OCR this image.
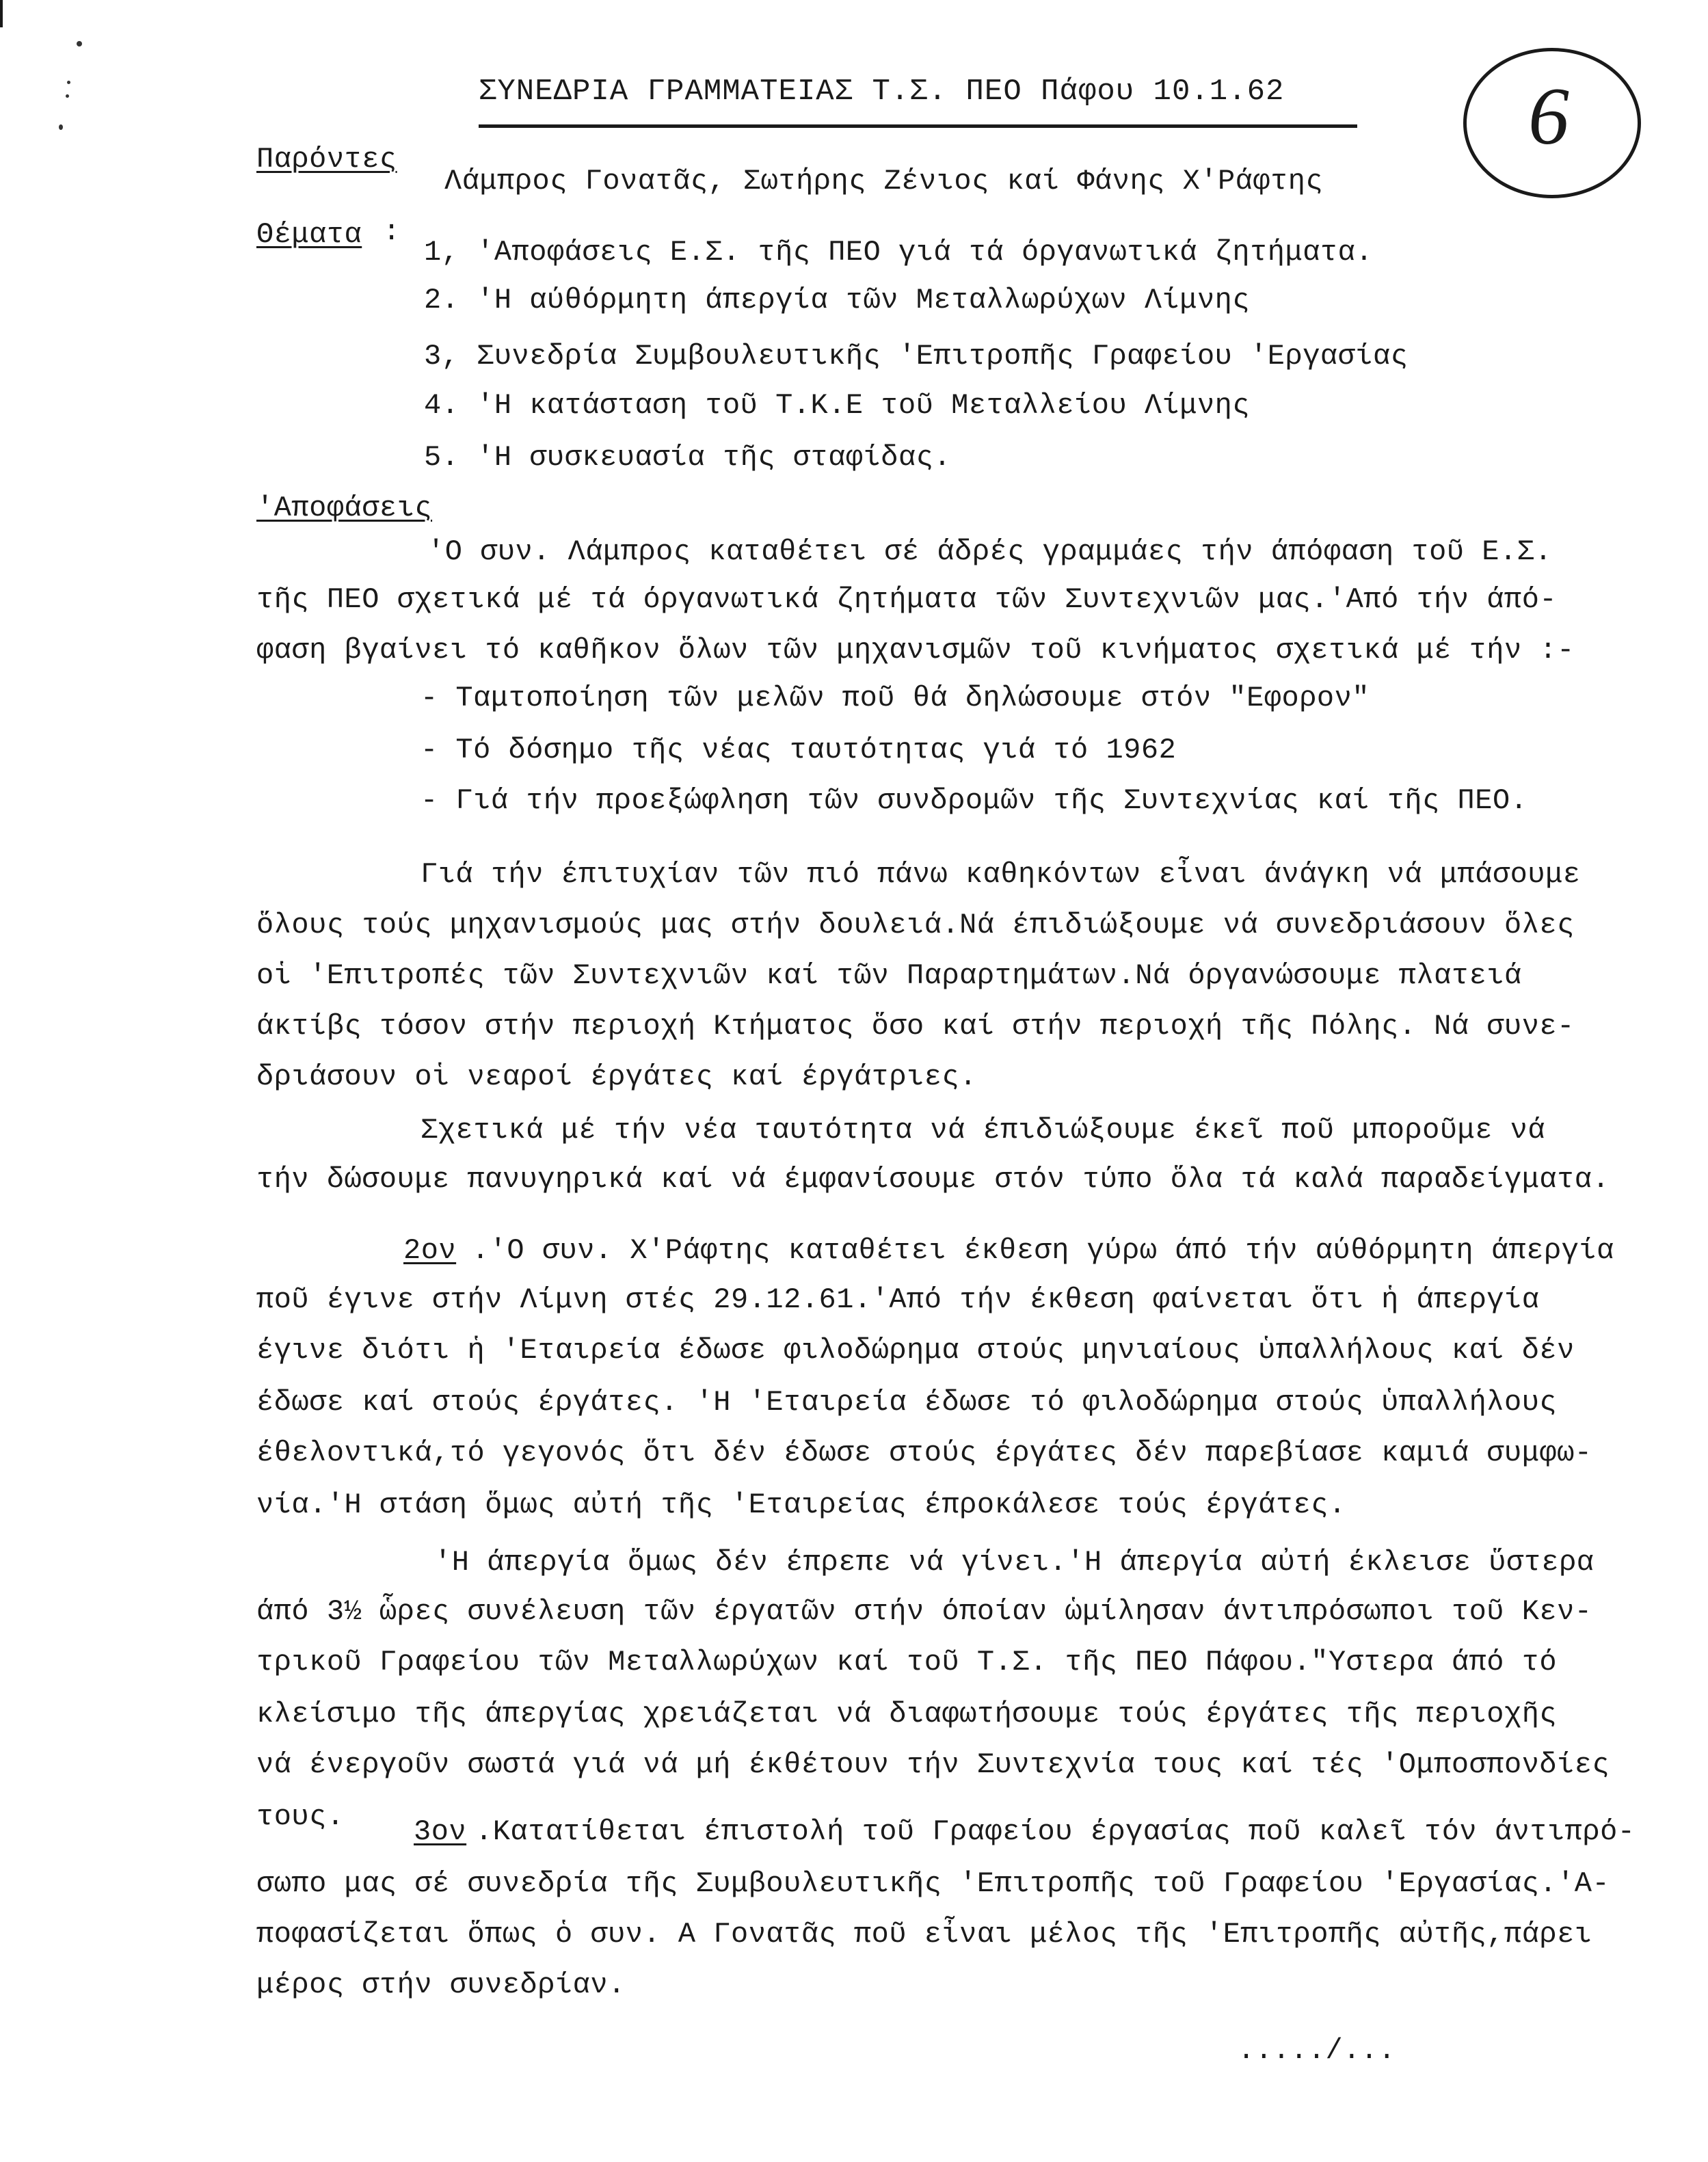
ΣΥΝΕΔΡΙΑ ΓΡΑΜΜΑΤΕΙΑΣ Τ.Σ. ΠΕΟ Πάφου 10.1.62	6
Παρόντες
Λάμπρος Γονατᾶς, Σωτήρης Ζένιος καί Φάνης Χ'Ράφτης
Θέματα :
1, 'Αποφάσεις Ε.Σ. τῆς ΠΕΟ γιά τά όργανωτικά ζητήματα.
2. 'Η αύθόρμητη άπεργία τῶν Μεταλλωρύχων Λίμνης
3, Συνεδρία Συμβουλευτικῆς 'Επιτροπῆς Γραφείου 'Εργασίας
4. 'Η κατάσταση τοῦ Τ.Κ.Ε τοῦ Μεταλλείου Λίμνης
5. 'Η συσκευασία τῆς σταφίδας.
'Αποφάσεις
'Ο συν. Λάμπρος καταθέτει σέ άδρές γραμμάες τήν άπόφαση τοῦ Ε.Σ.
τῆς ΠΕΟ σχετικά μέ τά όργανωτικά ζητήματα τῶν Συντεχνιῶν μας.'Από τήν άπό-
φαση βγαίνει τό καθῆκον ὅλων τῶν μηχανισμῶν τοῦ κινήματος σχετικά μέ τήν :-
- Ταμτοποίηση τῶν μελῶν ποῦ θά δηλώσουμε στόν "Εφορον"
- Τό δόσημο τῆς νέας ταυτότητας γιά τό 1962
- Γιά τήν προεξώφληση τῶν συνδρομῶν τῆς Συντεχνίας καί τῆς ΠΕΟ.
Γιά τήν έπιτυχίαν τῶν πιό πάνω καθηκόντων εἶναι άνάγκη νά μπάσουμε
ὅλους τούς μηχανισμούς μας στήν δουλειά.Νά έπιδιώξουμε νά συνεδριάσουν ὅλες
οἱ 'Επιτροπές τῶν Συντεχνιῶν καί τῶν Παραρτημάτων.Νά όργανώσουμε πλατειά
άκτίβς τόσον στήν περιοχή Κτήματος ὅσο καί στήν περιοχή τῆς Πόλης. Νά συνε-
δριάσουν οἱ νεαροί έργάτες καί έργάτριες.
Σχετικά μέ τήν νέα ταυτότητα νά έπιδιώξουμε έκεῖ ποῦ μποροῦμε νά
τήν δώσουμε πανυγηρικά καί νά έμφανίσουμε στόν τύπο ὅλα τά καλά παραδείγματα.
2ον .'Ο συν. Χ'Ράφτης καταθέτει έκθεση γύρω άπό τήν αύθόρμητη άπεργία
ποῦ έγινε στήν Λίμνη στές 29.12.61.'Από τήν έκθεση φαίνεται ὅτι ἡ άπεργία
έγινε διότι ἡ 'Εταιρεία έδωσε φιλοδώρημα στούς μηνιαίους ὑπαλλήλους καί δέν
έδωσε καί στούς έργάτες. 'Η 'Εταιρεία έδωσε τό φιλοδώρημα στούς ὑπαλλήλους
έθελοντικά,τό γεγονός ὅτι δέν έδωσε στούς έργάτες δέν παρεβίασε καμιά συμφω-
νία.'Η στάση ὅμως αὐτή τῆς 'Εταιρείας έπροκάλεσε τούς έργάτες.
'Η άπεργία ὅμως δέν έπρεπε νά γίνει.'Η άπεργία αὐτή έκλεισε ὕστερα
άπό 3½ ὧρες συνέλευση τῶν έργατῶν στήν όποίαν ὡμίλησαν άντιπρόσωποι τοῦ Κεν-
τρικοῦ Γραφείου τῶν Μεταλλωρύχων καί τοῦ Τ.Σ. τῆς ΠΕΟ Πάφου."Υστερα άπό τό
κλείσιμο τῆς άπεργίας χρειάζεται νά διαφωτήσουμε τούς έργάτες τῆς περιοχῆς
νά ένεργοῦν σωστά γιά νά μή έκθέτουν τήν Συντεχνία τους καί τές 'Ομποσπονδίες
τους. 3ον .Κατατίθεται έπιστολή τοῦ Γραφείου έργασίας ποῦ καλεῖ τόν άντιπρό-
σωπο μας σέ συνεδρία τῆς Συμβουλευτικῆς 'Επιτροπῆς τοῦ Γραφείου 'Εργασίας.'Α-
ποφασίζεται ὅπως ὁ συν. Α Γονατᾶς ποῦ εἶναι μέλος τῆς 'Επιτροπῆς αὐτῆς,πάρει
μέρος στήν συνεδρίαν.
...../...
